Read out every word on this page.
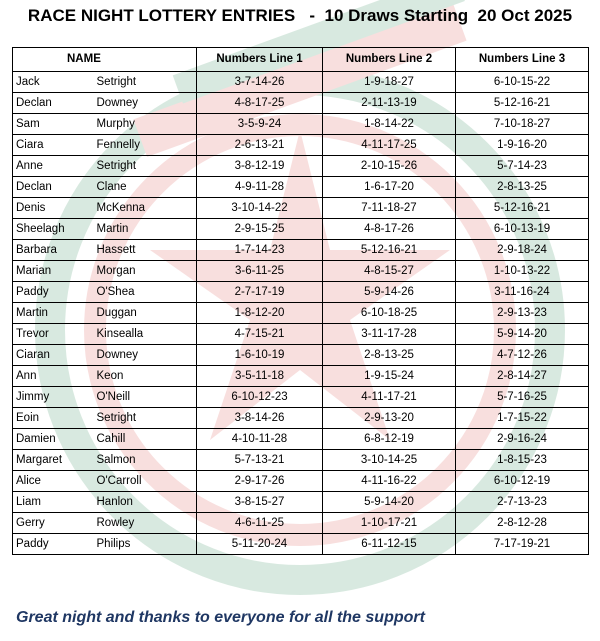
RACE NIGHT LOTTERY ENTRIES   -  10 Draws Starting  20 Oct 2025
NAME		Numbers Line 1	Numbers Line 2	Numbers Line 3
Jack	Setright	3-7-14-26	1-9-18-27	6-10-15-22
Declan	Downey	4-8-17-25	2-11-13-19	5-12-16-21
Sam	Murphy	3-5-9-24	1-8-14-22	7-10-18-27
Ciara	Fennelly	2-6-13-21	4-11-17-25	1-9-16-20
Anne	Setright	3-8-12-19	2-10-15-26	5-7-14-23
Declan	Clane	4-9-11-28	1-6-17-20	2-8-13-25
Denis	McKenna	3-10-14-22	7-11-18-27	5-12-16-21
Sheelagh	Martin	2-9-15-25	4-8-17-26	6-10-13-19
Barbara	Hassett	1-7-14-23	5-12-16-21	2-9-18-24
Marian	Morgan	3-6-11-25	4-8-15-27	1-10-13-22
Paddy	O'Shea	2-7-17-19	5-9-14-26	3-11-16-24
Martin	Duggan	1-8-12-20	6-10-18-25	2-9-13-23
Trevor	Kinsealla	4-7-15-21	3-11-17-28	5-9-14-20
Ciaran	Downey	1-6-10-19	2-8-13-25	4-7-12-26
Ann	Keon	3-5-11-18	1-9-15-24	2-8-14-27
Jimmy	O'Neill	6-10-12-23	4-11-17-21	5-7-16-25
Eoin	Setright	3-8-14-26	2-9-13-20	1-7-15-22
Damien	Cahill	4-10-11-28	6-8-12-19	2-9-16-24
Margaret	Salmon	5-7-13-21	3-10-14-25	1-8-15-23
Alice	O'Carroll	2-9-17-26	4-11-16-22	6-10-12-19
Liam	Hanlon	3-8-15-27	5-9-14-20	2-7-13-23
Gerry	Rowley	4-6-11-25	1-10-17-21	2-8-12-28
Paddy	Philips	5-11-20-24	6-11-12-15	7-17-19-21
Great night and thanks to everyone for all the support
